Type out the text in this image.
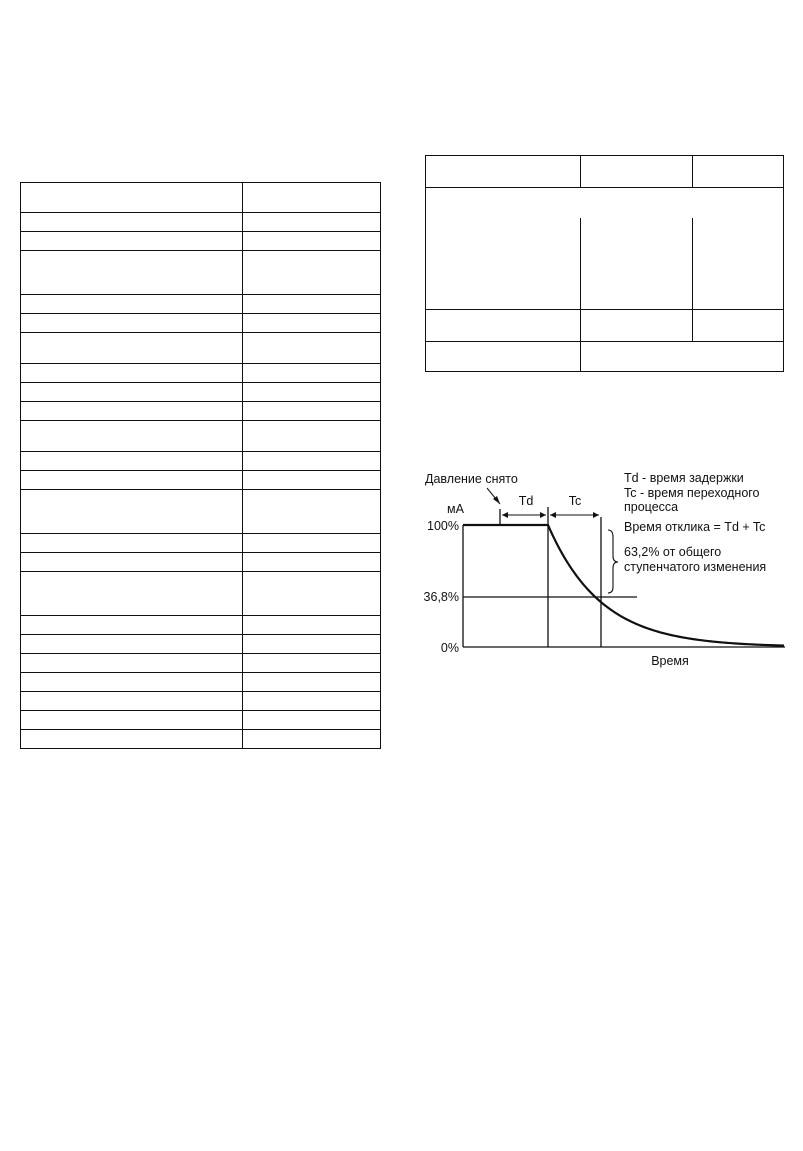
мА
100%
36,8%
0%
Время
Давление снято
Td	Tc
Td - время задержки
Tc - время переходного
процесса
Время отклика = Td + Tc
63,2% от общего
ступенчатого изменения
